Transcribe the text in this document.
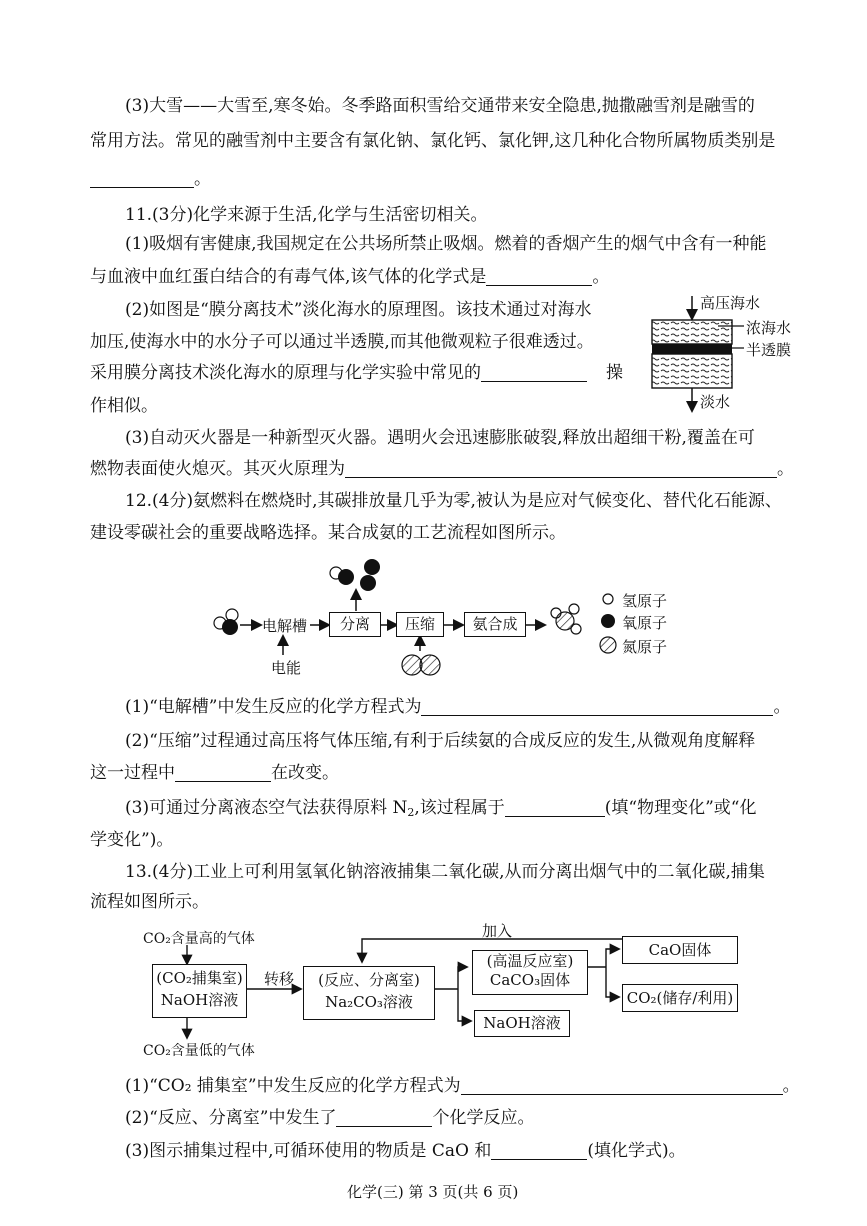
(3)大雪——大雪至,寒冬始。冬季路面积雪给交通带来安全隐患,抛撒融雪剂是融雪的
常用方法。常见的融雪剂中主要含有氯化钠、氯化钙、氯化钾,这几种化合物所属物质类别是
。
11.(3分)化学来源于生活,化学与生活密切相关。
(1)吸烟有害健康,我国规定在公共场所禁止吸烟。燃着的香烟产生的烟气中含有一种能
与血液中血红蛋白结合的有毒气体,该气体的化学式是	。
(2)如图是“膜分离技术”淡化海水的原理图。该技术通过对海水
加压,使海水中的水分子可以通过半透膜,而其他微观粒子很难透过。
采用膜分离技术淡化海水的原理与化学实验中常见的	操
作相似。
高压海水
浓海水
半透膜
淡水
(3)自动灭火器是一种新型灭火器。遇明火会迅速膨胀破裂,释放出超细干粉,覆盖在可
燃物表面使火熄灭。其灭火原理为	。
12.(4分)氨燃料在燃烧时,其碳排放量几乎为零,被认为是应对气候变化、替代化石能源、
建设零碳社会的重要战略选择。某合成氨的工艺流程如图所示。
电解槽
电能
分离	压缩	氨合成
氢原子
氧原子
氮原子
(1)“电解槽”中发生反应的化学方程式为	。
(2)“压缩”过程通过高压将气体压缩,有利于后续氨的合成反应的发生,从微观角度解释
这一过程中	在改变。
(3)可通过分离液态空气法获得原料 $N_2$,该过程属于	(填“物理变化”或“化
学变化”)。
13.(4分)工业上可利用氢氧化钠溶液捕集二氧化碳,从而分离出烟气中的二氧化碳,捕集
流程如图所示。
CO₂含量高的气体
(CO₂捕集室)
NaOH溶液
转移	(反应、分离室)
Na₂CO₃溶液
(高温反应室)
CaCO₃固体
加入
CaO固体
CO₂(储存/利用)
NaOH溶液
CO₂含量低的气体
(1)“CO₂ 捕集室”中发生反应的化学方程式为	。
(2)“反应、分离室”中发生了	个化学反应。
(3)图示捕集过程中,可循环使用的物质是 CaO 和	(填化学式)。
化学(三) 第 3 页(共 6 页)
